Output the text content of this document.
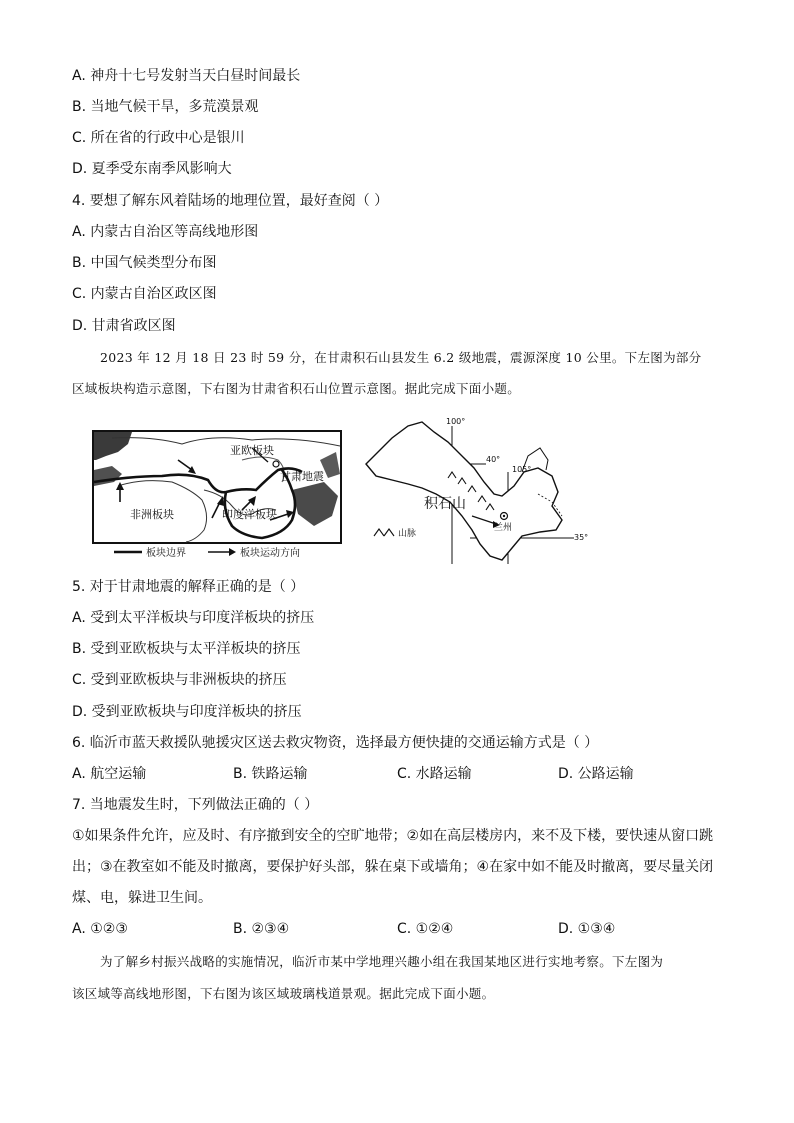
A. 神舟十七号发射当天白昼时间最长
B. 当地气候干旱，多荒漠景观
C. 所在省的行政中心是银川
D. 夏季受东南季风影响大
4. 要想了解东风着陆场的地理位置，最好查阅（ ）
A. 内蒙古自治区等高线地形图
B. 中国气候类型分布图
C. 内蒙古自治区政区图
D. 甘肃省政区图
2023 年 12 月 18 日 23 时 59 分，在甘肃积石山县发生 6.2 级地震，震源深度 10 公里。下左图为部分
区域板块构造示意图，下右图为甘肃省积石山位置示意图。据此完成下面小题。
亚欧板块
甘肃地震
非洲板块	印度洋板块
板块边界	板块运动方向
100°
105°
40°
35°
积石山
兰州
山脉
5. 对于甘肃地震的解释正确的是（ ）
A. 受到太平洋板块与印度洋板块的挤压
B. 受到亚欧板块与太平洋板块的挤压
C. 受到亚欧板块与非洲板块的挤压
D. 受到亚欧板块与印度洋板块的挤压
6. 临沂市蓝天救援队驰援灾区送去救灾物资，选择最方便快捷的交通运输方式是（ ）
A. 航空运输	B. 铁路运输	C. 水路运输	D. 公路运输
7. 当地震发生时，下列做法正确的（ ）
①如果条件允许，应及时、有序撤到安全的空旷地带；②如在高层楼房内，来不及下楼，要快速从窗口跳
出；③在教室如不能及时撤离，要保护好头部，躲在桌下或墙角；④在家中如不能及时撤离，要尽量关闭
煤、电，躲进卫生间。
A. ①②③	B. ②③④	C. ①②④	D. ①③④
为了解乡村振兴战略的实施情况，临沂市某中学地理兴趣小组在我国某地区进行实地考察。下左图为
该区域等高线地形图，下右图为该区域玻璃栈道景观。据此完成下面小题。
